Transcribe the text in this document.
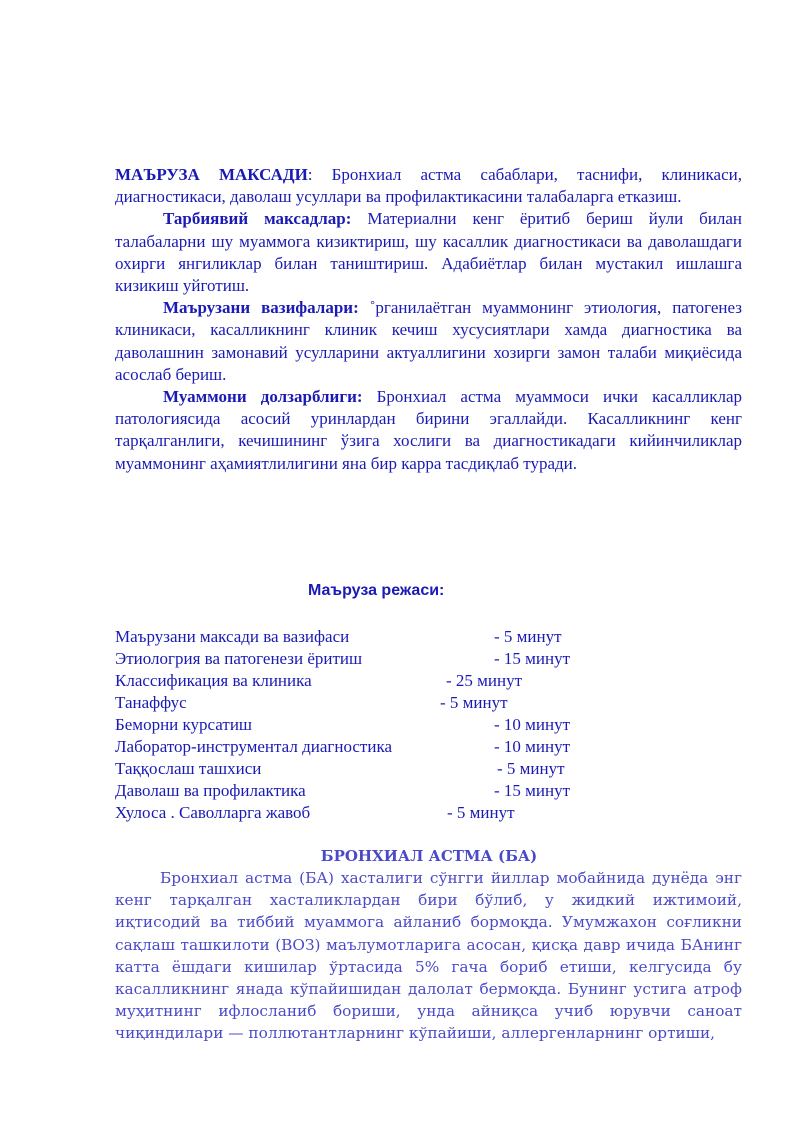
МАЪРУЗА МАКСАДИ: Бронхиал астма сабаблари, таснифи, клиникаси, диагностикаси, даволаш усуллари ва профилактикасини талабаларга етказиш.

Тарбиявий максадлар: Материални кенг ёритиб бериш йули билан талабаларни шу муаммога кизиктириш, шу касаллик диагностикаси ва даволашдаги охирги янгиликлар билан таништириш. Адабиётлар билан мустакил ишлашга кизикиш уйготиш.

Маърузани вазифалари: ˚рганилаётган муаммонинг этиология, патогенез клиникаси, касалликнинг клиник кечиш хусусиятлари хамда диагностика ва даволашнин замонавий усулларини актуаллигини хозирги замон талаби миқиёсида асослаб бериш.

Муаммони долзарблиги: Бронхиал астма муаммоси ички касалликлар патологиясида асосий уринлардан бирини эгаллайди. Касалликнинг кенг тарқалганлиги, кечишининг ўзига хослиги ва диагностикадаги кийинчиликлар муаммонинг аҳамиятлилигини яна бир карра тасдиқлаб туради.

Маъруза режаси:
Маърузани максади ва вазифаси	- 5 минут
Этиологрия ва патогенези ёритиш	- 15 минут
Классификация ва клиника	- 25 минут
Танаффус	- 5 минут
Беморни курсатиш	- 10 минут
Лаборатор-инструментал диагностика	- 10 минут
Таққослаш ташхиси	- 5 минут
Даволаш ва профилактика	- 15 минут
Хулоса . Саволларга жавоб	- 5 минут
БРОНХИАЛ АСТМА (БА)

Бронхиал астма (БА) хасталиги сўнгги йиллар мобайнида дунёда энг кенг тарқалган хасталиклардан бири бўлиб, у жидкий ижтимоий, иқтисодий ва тиббий муаммога айланиб бормоқда. Умумжахон соғликни сақлаш ташкилоти (ВОЗ) маълумотларига асосан, қисқа давр ичида БАнинг катта ёшдаги кишилар ўртасида 5% гача бориб етиши, келгусида бу касалликнинг янада кўпайишидан далолат бермоқда. Бунинг устига атроф муҳитнинг ифлосланиб бориши, унда айниқса учиб юрувчи саноат чиқиндилари — поллютантларнинг кўпайиши, аллергенларнинг ортиши,
